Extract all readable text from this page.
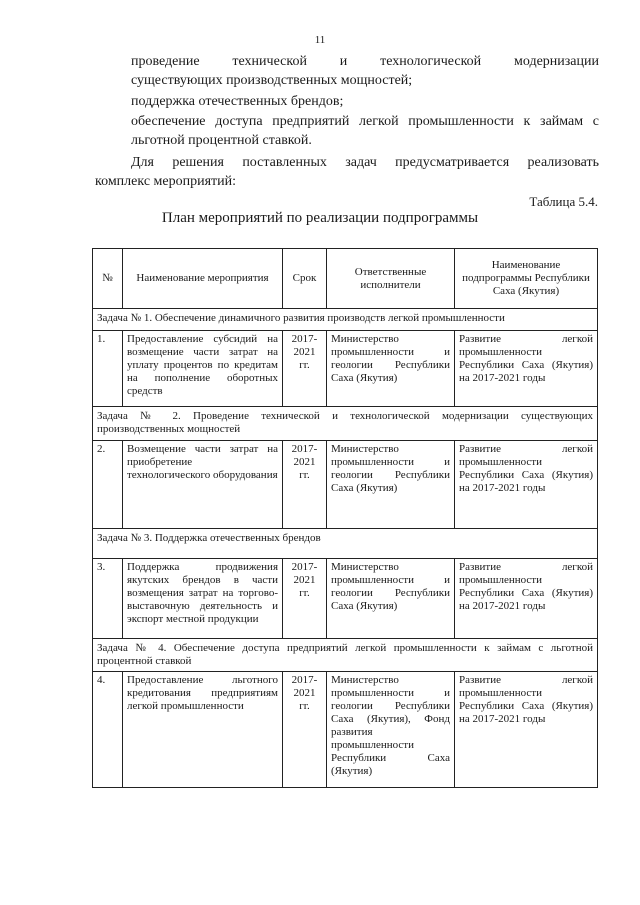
11
проведение технической и технологической модернизации
существующих производственных мощностей;
поддержка отечественных брендов;
обеспечение доступа предприятий легкой промышленности к займам с
льготной процентной ставкой.
Для решения поставленных задач предусматривается реализовать
комплекс мероприятий:
Таблица 5.4.
План мероприятий по реализации подпрограммы
№	Наименование мероприятия	Срок	Ответственные исполнители	Наименование подпрограммы Республики Саха (Якутия)
Задача № 1. Обеспечение динамичного развития производств легкой промышленности				
1.	Предоставление субсидий на возмещение части затрат на уплату процентов по кредитам на пополнение оборотных средств	2017-2021 гг.	Министерство промышленности и геологии Республики Саха (Якутия)	Развитие легкой промышленности Республики Саха (Якутия) на 2017-2021 годы
Задача № 2. Проведение технической и технологической модернизации существующих производственных мощностей				
2.	Возмещение части затрат на приобретение технологического оборудования	2017-2021 гг.	Министерство промышленности и геологии Республики Саха (Якутия)	Развитие легкой промышленности Республики Саха (Якутия) на 2017-2021 годы
Задача № 3. Поддержка отечественных брендов				
3.	Поддержка продвижения якутских брендов в части возмещения затрат на торгово-выставочную деятельность и экспорт местной продукции	2017-2021 гг.	Министерство промышленности и геологии Республики Саха (Якутия)	Развитие легкой промышленности Республики Саха (Якутия) на 2017-2021 годы
Задача № 4. Обеспечение доступа предприятий легкой промышленности к займам с льготной процентной ставкой				
4.	Предоставление льготного кредитования предприятиям легкой промышленности	2017-2021 гг.	Министерство промышленности и геологии Республики Саха (Якутия), Фонд развития промышленности Республики Саха (Якутия)	Развитие легкой промышленности Республики Саха (Якутия) на 2017-2021 годы
